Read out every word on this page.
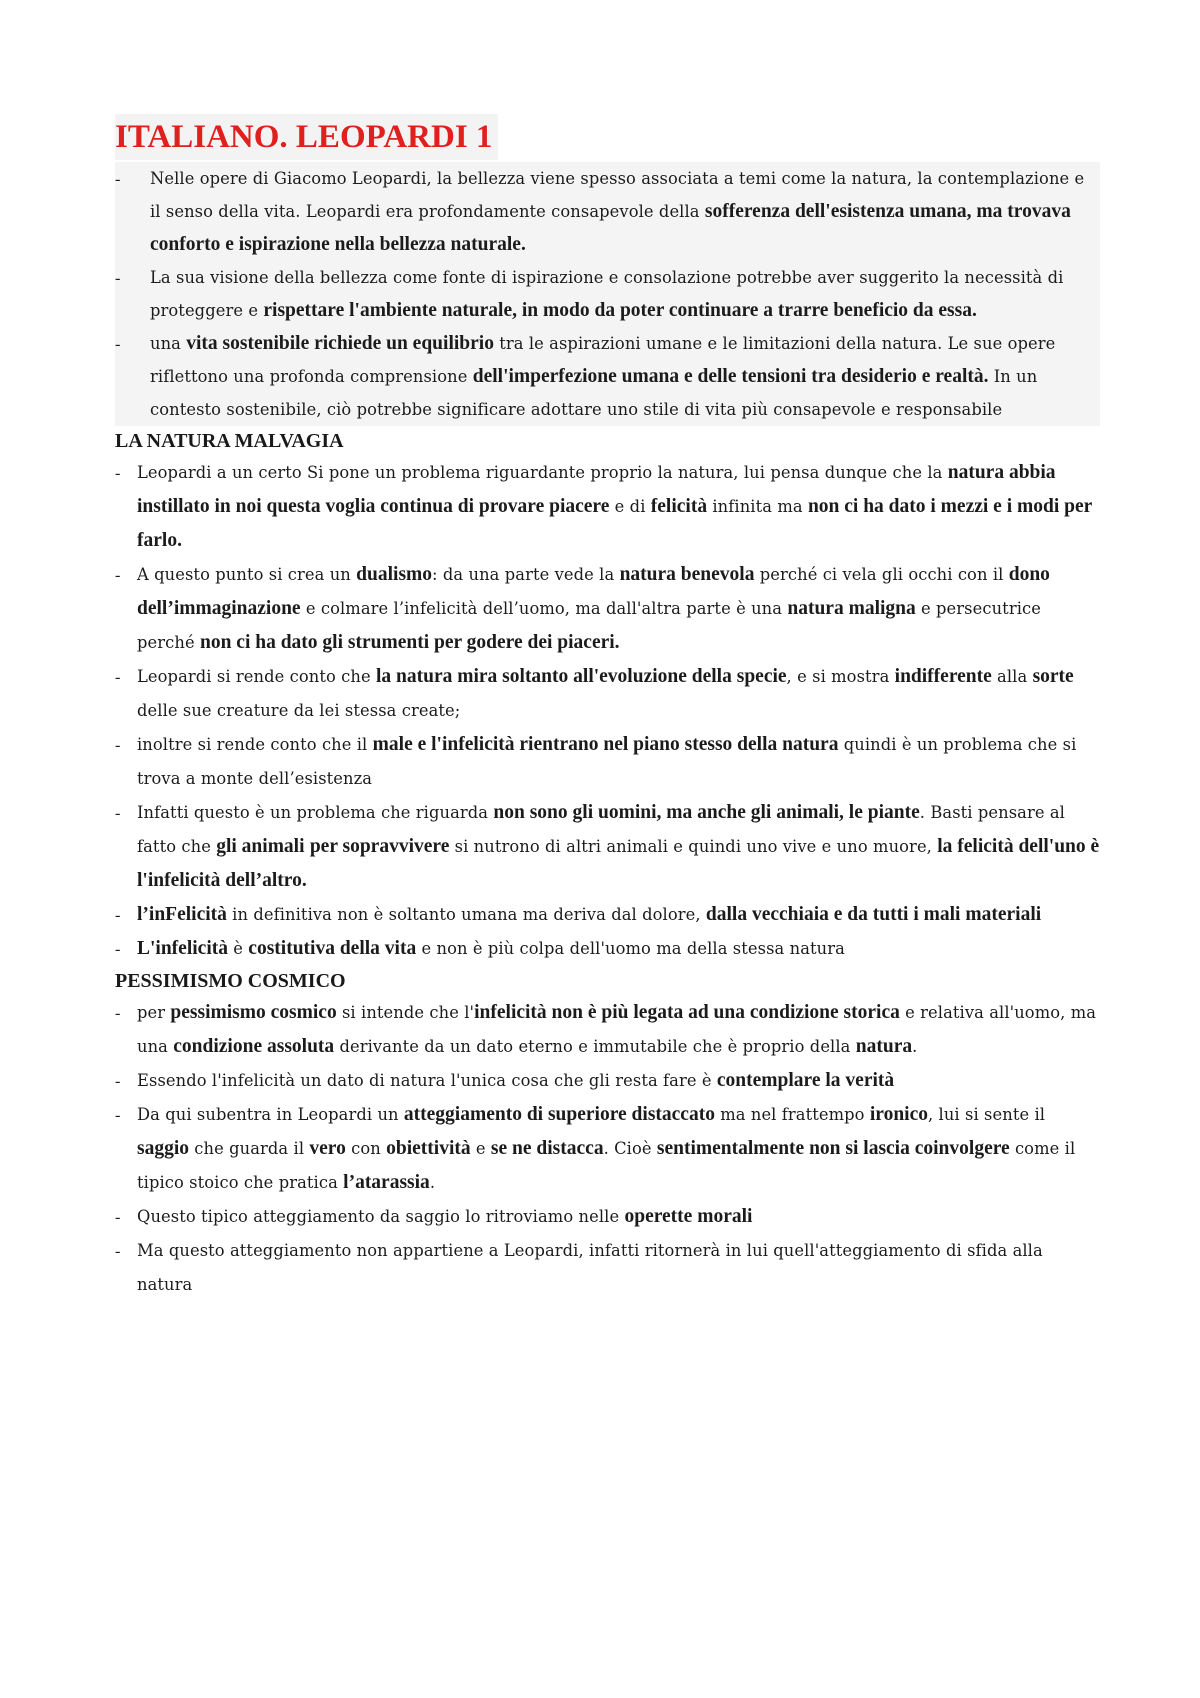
ITALIANO. LEOPARDI 1
- Nelle opere di Giacomo Leopardi, la bellezza viene spesso associata a temi come la natura, la contemplazione e il senso della vita. Leopardi era profondamente consapevole della sofferenza dell'esistenza umana, ma trovava conforto e ispirazione nella bellezza naturale.
- La sua visione della bellezza come fonte di ispirazione e consolazione potrebbe aver suggerito la necessità di proteggere e rispettare l'ambiente naturale, in modo da poter continuare a trarre beneficio da essa.
- una vita sostenibile richiede un equilibrio tra le aspirazioni umane e le limitazioni della natura. Le sue opere riflettono una profonda comprensione dell'imperfezione umana e delle tensioni tra desiderio e realtà. In un contesto sostenibile, ciò potrebbe significare adottare uno stile di vita più consapevole e responsabile
LA NATURA MALVAGIA
- Leopardi a un certo Si pone un problema riguardante proprio la natura, lui pensa dunque che la natura abbia instillato in noi questa voglia continua di provare piacere e di felicità infinita ma non ci ha dato i mezzi e i modi per farlo.
- A questo punto si crea un dualismo: da una parte vede la natura benevola perché ci vela gli occhi con il dono dell’immaginazione e colmare l’infelicità dell’uomo, ma dall'altra parte è una natura maligna e persecutrice perché non ci ha dato gli strumenti per godere dei piaceri.
- Leopardi si rende conto che la natura mira soltanto all'evoluzione della specie, e si mostra indifferente alla sorte delle sue creature da lei stessa create;
- inoltre si rende conto che il male e l'infelicità rientrano nel piano stesso della natura quindi è un problema che si trova a monte dell’esistenza
- Infatti questo è un problema che riguarda non sono gli uomini, ma anche gli animali, le piante. Basti pensare al fatto che gli animali per sopravvivere si nutrono di altri animali e quindi uno vive e uno muore, la felicità dell'uno è l'infelicità dell’altro.
- l’inFelicità in definitiva non è soltanto umana ma deriva dal dolore, dalla vecchiaia e da tutti i mali materiali
- L'infelicità è costitutiva della vita e non è più colpa dell'uomo ma della stessa natura
PESSIMISMO COSMICO
- per pessimismo cosmico si intende che l'infelicità non è più legata ad una condizione storica e relativa all'uomo, ma una condizione assoluta derivante da un dato eterno e immutabile che è proprio della natura.
- Essendo l'infelicità un dato di natura l'unica cosa che gli resta fare è contemplare la verità
- Da qui subentra in Leopardi un atteggiamento di superiore distaccato ma nel frattempo ironico, lui si sente il saggio che guarda il vero con obiettività e se ne distacca. Cioè sentimentalmente non si lascia coinvolgere come il tipico stoico che pratica l’atarassia.
- Questo tipico atteggiamento da saggio lo ritroviamo nelle operette morali
- Ma questo atteggiamento non appartiene a Leopardi, infatti ritornerà in lui quell'atteggiamento di sfida alla natura
